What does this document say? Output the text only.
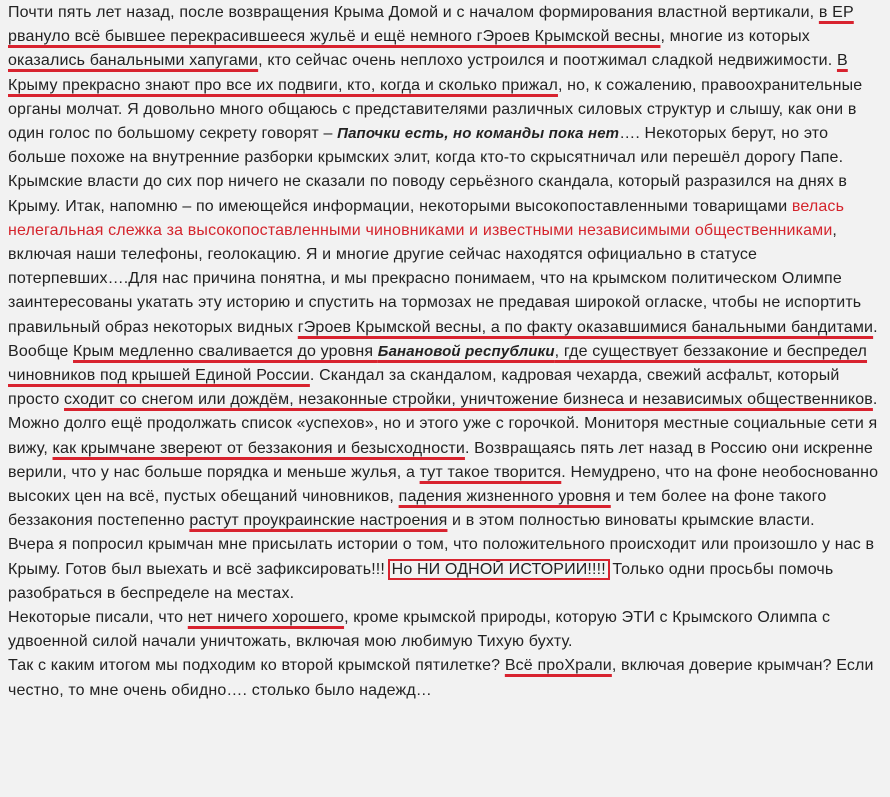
Почти пять лет назад, после возвращения Крыма Домой и с началом формирования властной вертикали, в ЕР рвануло всё бывшее перекрасившееся жульё и ещё немного гЭроев Крымской весны, многие из которых оказались банальными хапугами, кто сейчас очень неплохо устроился и поотжимал сладкой недвижимости. В Крыму прекрасно знают про все их подвиги, кто, когда и сколько прижал, но, к сожалению, правоохранительные органы молчат. Я довольно много общаюсь с представителями различных силовых структур и слышу, как они в один голос по большому секрету говорят – Папочки есть, но команды пока нет…. Некоторых берут, но это больше похоже на внутренние разборки крымских элит, когда кто-то скрысятничал или перешёл дорогу Папе.

Крымские власти до сих пор ничего не сказали по поводу серьёзного скандала, который разразился на днях в Крыму. Итак, напомню – по имеющейся информации, некоторыми высокопоставленными товарищами велась нелегальная слежка за высокопоставленными чиновниками и известными независимыми общественниками, включая наши телефоны, геолокацию. Я и многие другие сейчас находятся официально в статусе потерпевших….Для нас причина понятна, и мы прекрасно понимаем, что на крымском политическом Олимпе заинтересованы укатать эту историю и спустить на тормозах не предавая широкой огласке, чтобы не испортить правильный образ некоторых видных гЭроев Крымской весны, а по факту оказавшимися банальными бандитами.

Вообще Крым медленно сваливается до уровня Банановой республики, где существует беззаконие и беспредел чиновников под крышей Единой России. Скандал за скандалом, кадровая чехарда, свежий асфальт, который просто сходит со снегом или дождём, незаконные стройки, уничтожение бизнеса и независимых общественников. Можно долго ещё продолжать список «успехов», но и этого уже с горочкой. Мониторя местные социальные сети я вижу, как крымчане звереют от беззакония и безысходности. Возвращаясь пять лет назад в Россию они искренне верили, что у нас больше порядка и меньше жулья, а тут такое творится. Немудрено, что на фоне необоснованно высоких цен на всё, пустых обещаний чиновников, падения жизненного уровня и тем более на фоне такого беззакония постепенно растут проукраинские настроения и в этом полностью виноваты крымские власти.

Вчера я попросил крымчан мне присылать истории о том, что положительного происходит или произошло у нас в Крыму. Готов был выехать и всё зафиксировать!!! Но НИ ОДНОЙ ИСТОРИИ!!!! Только одни просьбы помочь разобраться в беспределе на местах.

Некоторые писали, что нет ничего хорошего, кроме крымской природы, которую ЭТИ с Крымского Олимпа с удвоенной силой начали уничтожать, включая мою любимую Тихую бухту.

Так с каким итогом мы подходим ко второй крымской пятилетке? Всё проХрали, включая доверие крымчан? Если честно, то мне очень обидно…. столько было надежд…
